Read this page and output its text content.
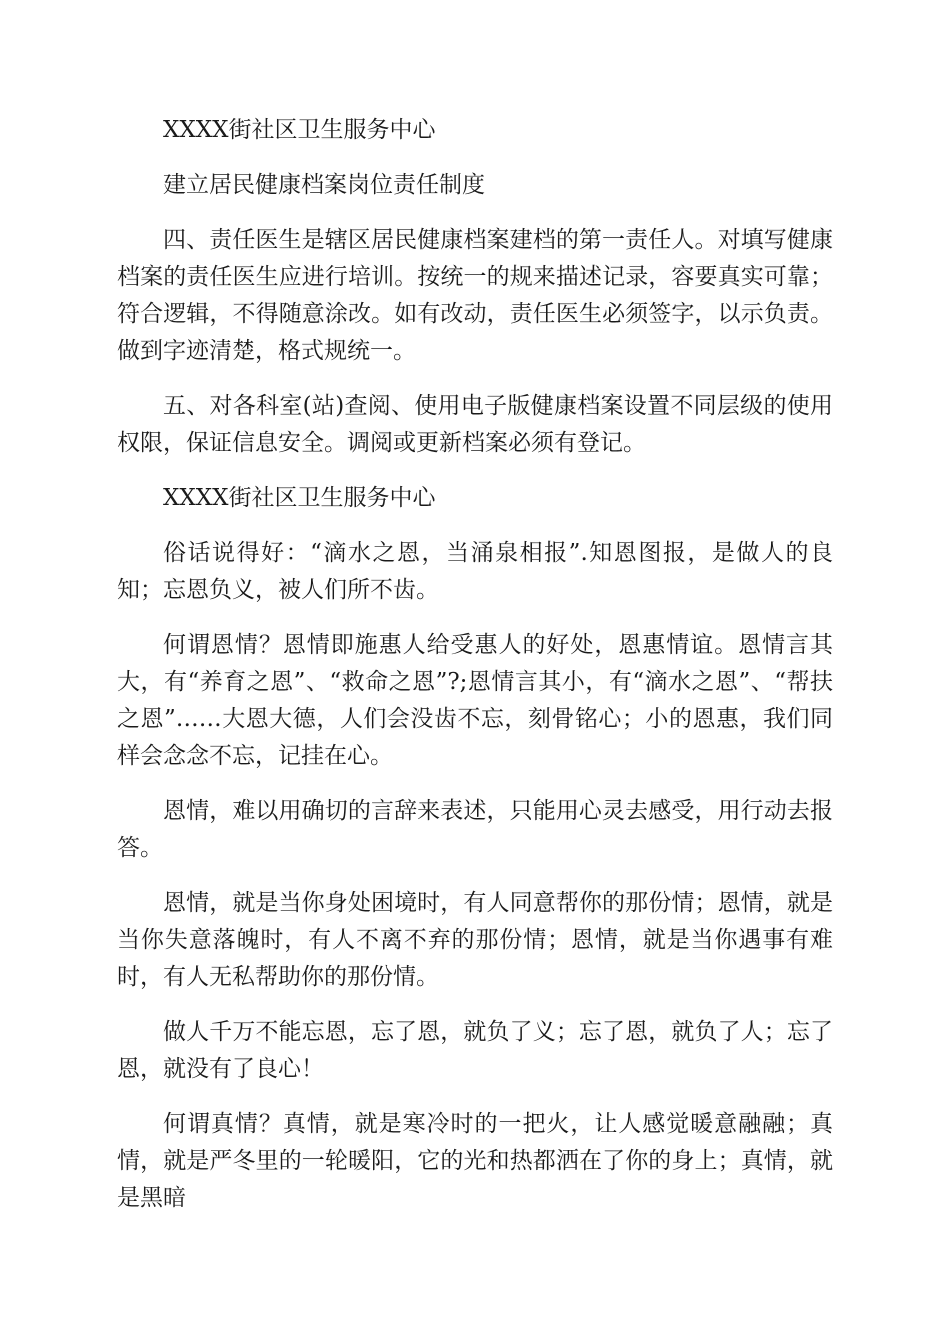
XXXX街社区卫生服务中心

建立居民健康档案岗位责任制度

四、责任医生是辖区居民健康档案建档的第一责任人。对填写健康档案的责任医生应进行培训。按统一的规来描述记录，容要真实可靠；符合逻辑，不得随意涂改。如有改动，责任医生必须签字，以示负责。做到字迹清楚，格式规统一。

五、对各科室(站)查阅、使用电子版健康档案设置不同层级的使用权限，保证信息安全。调阅或更新档案必须有登记。

XXXX街社区卫生服务中心

俗话说得好：“滴水之恩，当涌泉相报”.知恩图报，是做人的良知；忘恩负义，被人们所不齿。

何谓恩情？恩情即施惠人给受惠人的好处，恩惠情谊。恩情言其大，有“养育之恩”、“救命之恩”?;恩情言其小，有“滴水之恩”、“帮扶之恩”……大恩大德，人们会没齿不忘，刻骨铭心；小的恩惠，我们同样会念念不忘，记挂在心。

恩情，难以用确切的言辞来表述，只能用心灵去感受，用行动去报答。

恩情，就是当你身处困境时，有人同意帮你的那份情；恩情，就是当你失意落魄时，有人不离不弃的那份情；恩情，就是当你遇事有难时，有人无私帮助你的那份情。

做人千万不能忘恩，忘了恩，就负了义；忘了恩，就负了人；忘了恩，就没有了良心！

何谓真情？真情，就是寒冷时的一把火，让人感觉暖意融融；真情，就是严冬里的一轮暖阳，它的光和热都洒在了你的身上；真情，就是黑暗
